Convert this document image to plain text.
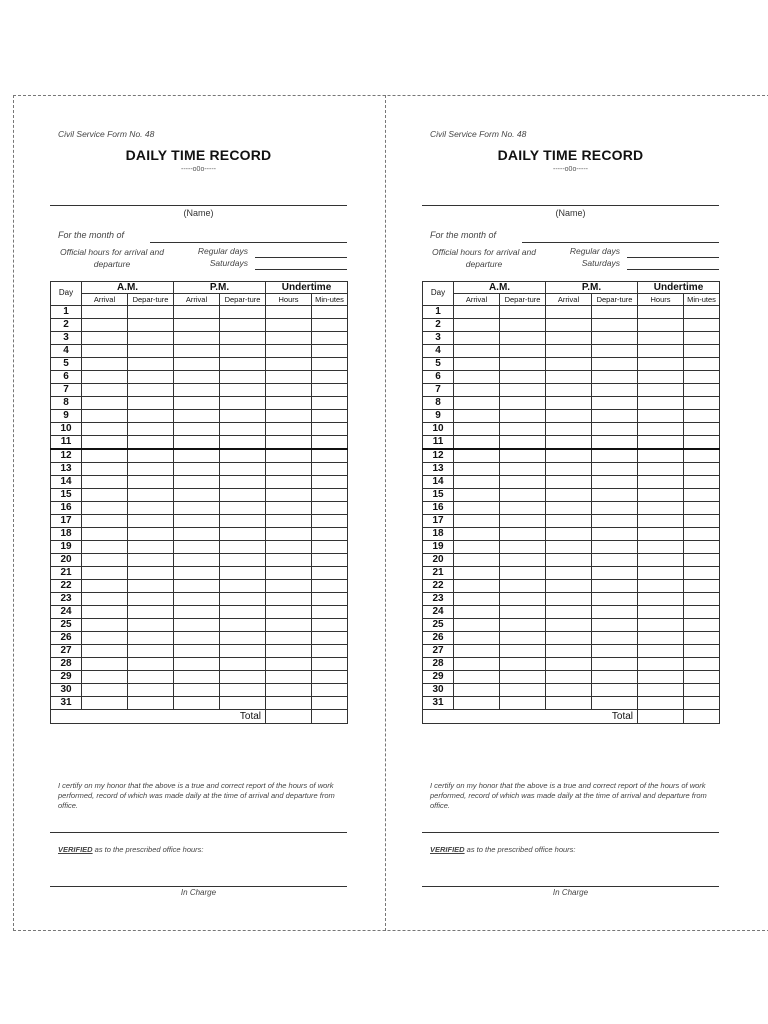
Civil Service Form No. 48
DAILY TIME RECORD
-----o0o-----
(Name)
For the month of
Official hours for arrival and departure
Regular days
Saturdays
Day	A.M.		P.M.		Undertime	
	Arrival	Depar-ture	Arrival	Depar-ture	Hours	Min-utes
1						
2						
3						
4						
5						
6						
7						
8						
9						
10						
11						
12						
13						
14						
15						
16						
17						
18						
19						
20						
21						
22						
23						
24						
25						
26						
27						
28						
29						
30						
31						
Total						
I certify on my honor that the above is a true and correct report of the hours of work performed, record of which was made daily at the time of arrival and departure from office.
VERIFIED as to the prescribed office hours:
In Charge
Civil Service Form No. 48
DAILY TIME RECORD
-----o0o-----
(Name)
For the month of
Official hours for arrival and departure
Regular days
Saturdays
Day	A.M.		P.M.		Undertime	
	Arrival	Depar-ture	Arrival	Depar-ture	Hours	Min-utes
1						
2						
3						
4						
5						
6						
7						
8						
9						
10						
11						
12						
13						
14						
15						
16						
17						
18						
19						
20						
21						
22						
23						
24						
25						
26						
27						
28						
29						
30						
31						
Total						
I certify on my honor that the above is a true and correct report of the hours of work performed, record of which was made daily at the time of arrival and departure from office.
VERIFIED as to the prescribed office hours:
In Charge
